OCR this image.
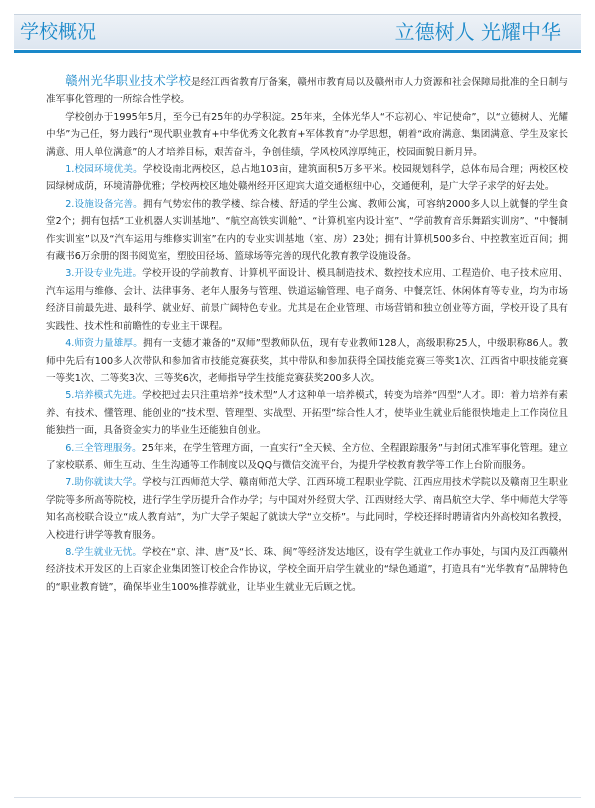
学校概况	立德树人 光耀中华

赣州光华职业技术学校是经江西省教育厅备案，赣州市教育局以及赣州市人力资源和社会保障局批准的全日制与准军事化管理的一所综合性学校。

学校创办于1995年5月，至今已有25年的办学积淀。25年来，全体光华人“不忘初心、牢记使命”，以“立德树人、光耀中华”为己任，努力践行“现代职业教育+中华优秀文化教育+军体教育”办学思想，朝着“政府满意、集团满意、学生及家长满意、用人单位满意”的人才培养目标，艰苦奋斗，争创佳绩，学风校风淳厚纯正，校园面貌日新月异。

1.校园环境优美。学校设南北两校区，总占地103亩，建筑面积5万多平米。校园规划科学，总体布局合理；两校区校园绿树成荫，环境清静优雅；学校两校区地处赣州经开区迎宾大道交通枢纽中心，交通便利，是广大学子求学的好去处。

2.设施设备完善。拥有气势宏伟的教学楼、综合楼、舒适的学生公寓、教师公寓，可容纳2000多人以上就餐的学生食堂2个；拥有包括“工业机器人实训基地”、“航空高铁实训舱”、“计算机室内设计室”、“学前教育音乐舞蹈实训房”、“中餐制作实训室”以及“汽车运用与维修实训室”在内的专业实训基地（室、房）23处；拥有计算机500多台、中控教室近百间；拥有藏书6万余册的图书阅览室，塑胶田径场、篮球场等完善的现代化教育教学设施设备。

3.开设专业先进。学校开设的学前教育、计算机平面设计、模具制造技术、数控技术应用、工程造价、电子技术应用、汽车运用与维修、会计、法律事务、老年人服务与管理、铁道运输管理、电子商务、中餐烹饪、休闲体育等专业，均为市场经济目前最先进、最科学、就业好、前景广阔特色专业。尤其是在企业管理、市场营销和独立创业等方面，学校开设了具有实践性、技术性和前瞻性的专业主干课程。

4.师资力量雄厚。拥有一支德才兼备的“双师”型教师队伍，现有专业教师128人，高级职称25人，中级职称86人。教师中先后有100多人次带队和参加省市技能竞赛获奖，其中带队和参加获得全国技能竞赛三等奖1次、江西省中职技能竞赛一等奖1次、二等奖3次、三等奖6次，老师指导学生技能竞赛获奖200多人次。

5.培养模式先进。学校把过去只注重培养“技术型”人才这种单一培养模式，转变为培养“四型”人才。即：着力培养有素养、有技术、懂管理、能创业的“技术型、管理型、实战型、开拓型”综合性人才，使毕业生就业后能很快地走上工作岗位且能独挡一面，具备资金实力的毕业生还能独自创业。

6.三全管理服务。25年来，在学生管理方面，一直实行“全天候、全方位、全程跟踪服务”与封闭式准军事化管理。建立了家校联系、师生互动、生生沟通等工作制度以及QQ与微信交流平台，为提升学校教育教学等工作上台阶而服务。

7.助你就读大学。学校与江西师范大学、赣南师范大学、江西环境工程职业学院、江西应用技术学院以及赣南卫生职业学院等多所高等院校，进行学生学历提升合作办学；与中国对外经贸大学、江西财经大学、南昌航空大学、华中师范大学等知名高校联合设立“成人教育站”，为广大学子架起了就读大学“立交桥”。与此同时，学校还择时聘请省内外高校知名教授，入校进行讲学等教育服务。

8.学生就业无忧。学校在“京、津、唐”及“长、珠、闽”等经济发达地区，设有学生就业工作办事处，与国内及江西赣州经济技术开发区的上百家企业集团签订校企合作协议，学校全面开启学生就业的“绿色通道”，打造具有“光华教育”品牌特色的“职业教育链”，确保毕业生100%推荐就业，让毕业生就业无后顾之忧。
